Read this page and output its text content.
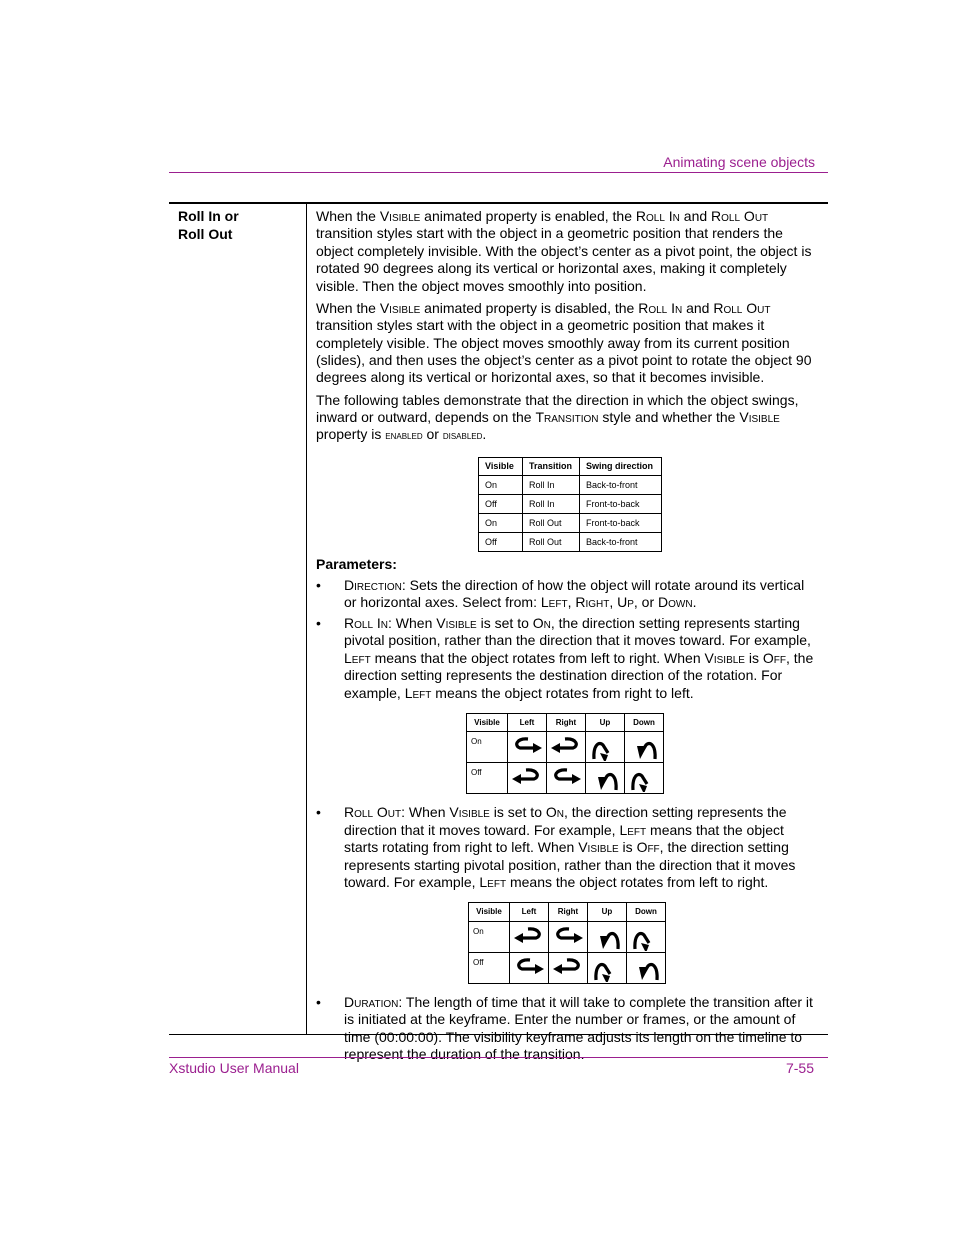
Animating scene objects
Roll In or
Roll Out

When the Visible animated property is enabled, the Roll In and Roll Out transition styles start with the object in a geometric position that renders the object completely invisible. With the object’s center as a pivot point, the object is rotated 90 degrees along its vertical or horizontal axes, making it completely visible. Then the object moves smoothly into position.

When the Visible animated property is disabled, the Roll In and Roll Out transition styles start with the object in a geometric position that makes it completely visible. The object moves smoothly away from its current position (slides), and then uses the object’s center as a pivot point to rotate the object 90 degrees along its vertical or horizontal axes, so that it becomes invisible.

The following tables demonstrate that the direction in which the object swings, inward or outward, depends on the Transition style and whether the Visible property is enabled or disabled.

Visible	Transition	Swing direction
On	Roll In	Back-to-front
Off	Roll In	Front-to-back
On	Roll Out	Front-to-back
Off	Roll Out	Back-to-front

Parameters:

• Direction: Sets the direction of how the object will rotate around its vertical or horizontal axes. Select from: Left, Right, Up, or Down.
• Roll In: When Visible is set to On, the direction setting represents starting pivotal position, rather than the direction that it moves toward. For example, Left means that the object rotates from left to right. When Visible is Off, the direction setting represents the destination direction of the rotation. For example, Left means the object rotates from right to left.
Visible	Left	Right	Up	Down
On	

Off	

• Roll Out: When Visible is set to On, the direction setting represents the direction that it moves toward. For example, Left means that the object starts rotating from right to left. When Visible is Off, the direction setting represents starting pivotal position, rather than the direction that it moves toward. For example, Left means the object rotates from left to right.
Visible	Left	Right	Up	Down
On	

Off	

• Duration: The length of time that it will take to complete the transition after it is initiated at the keyframe. Enter the number or frames, or the amount of time (00:00:00). The visibility keyframe adjusts its length on the timeline to represent the duration of the transition.
Xstudio User Manual	7-55
